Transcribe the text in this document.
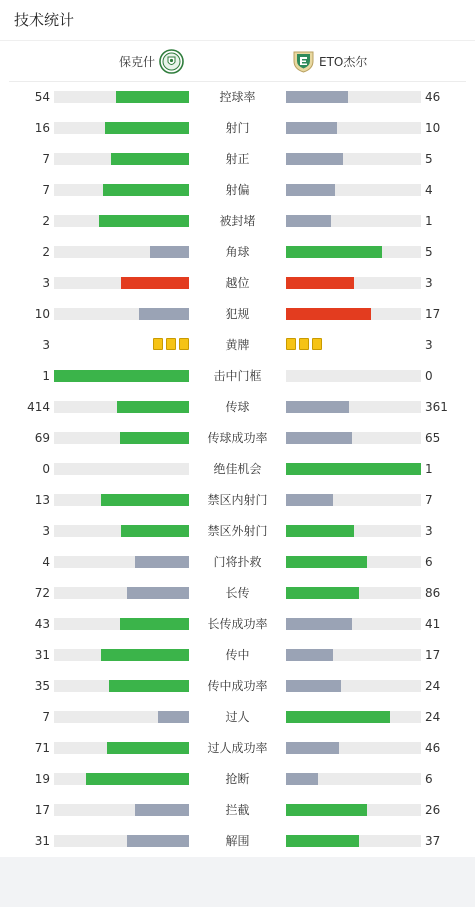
技术统计
保克什	ETO杰尔
54	控球率	46
16	射门	10
7	射正	5
7	射偏	4
2	被封堵	1
2	角球	5
3	越位	3
10	犯规	17
3	黄牌	3
1	击中门框	0
414	传球	361
69	传球成功率	65
0	绝佳机会	1
13	禁区内射门	7
3	禁区外射门	3
4	门将扑救	6
72	长传	86
43	长传成功率	41
31	传中	17
35	传中成功率	24
7	过人	24
71	过人成功率	46
19	抢断	6
17	拦截	26
31	解围	37
